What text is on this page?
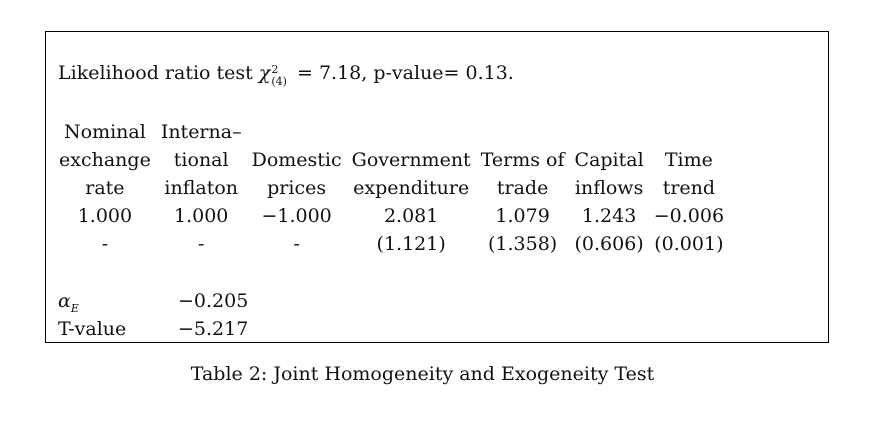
Likelihood ratio test χ 2
(4) = 7.18, p-value= 0.13.
Nominal	Interna–					
exchange	tional	Domestic	Government	Terms of	Capital	Time
rate	inflaton	prices	expenditure	trade	inflows	trend
1.000	1.000	−1.000	2.081	1.079	1.243	−0.006
-	-	-	(1.121)	(1.358)	(0.606)	(0.001)
$\alpha_E$	−0.205
T-value	−5.217
Table 2: Joint Homogeneity and Exogeneity Test
